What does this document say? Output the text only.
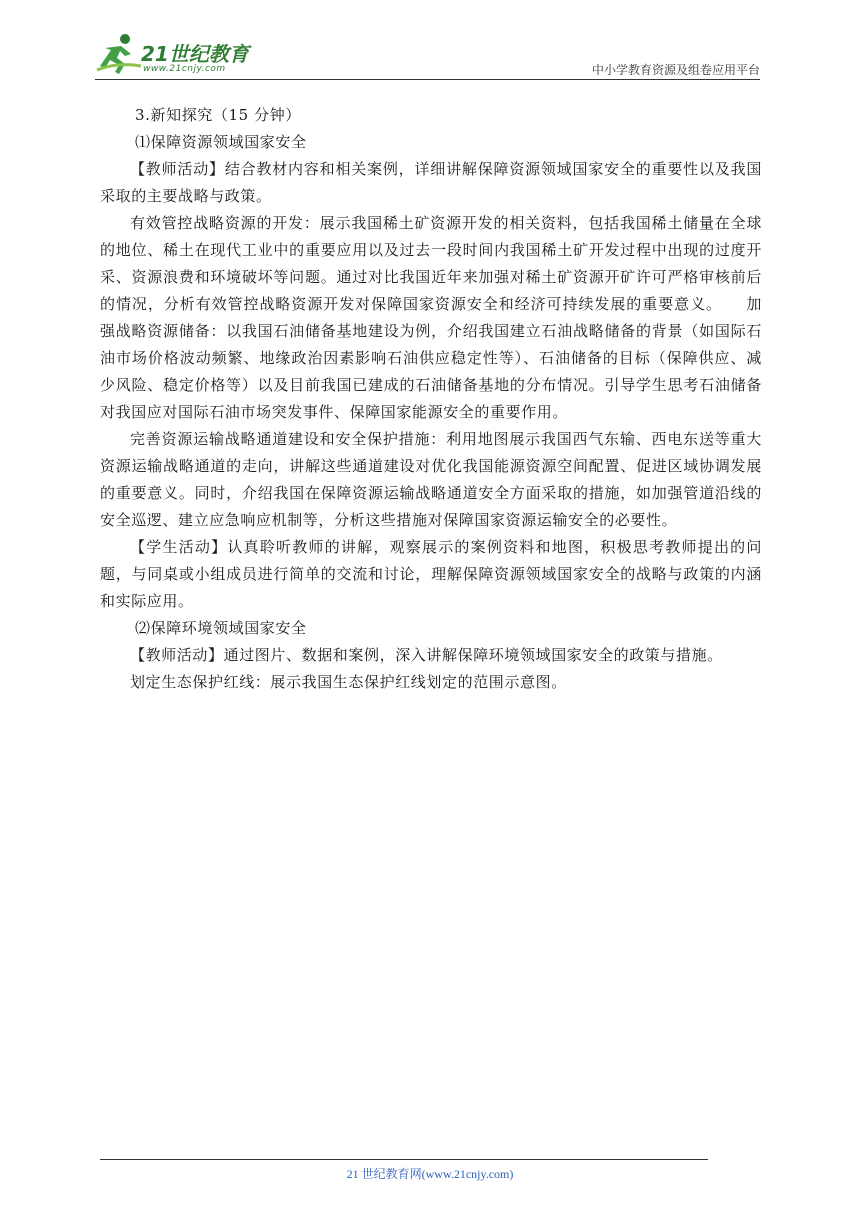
21世纪教育
www.21cnjy.com	中小学教育资源及组卷应用平台

3.新知探究（15 分钟）

⑴保障资源领域国家安全

【教师活动】结合教材内容和相关案例，详细讲解保障资源领域国家安全的重要性以及我国采取的主要战略与政策。

有效管控战略资源的开发：展示我国稀土矿资源开发的相关资料，包括我国稀土储量在全球的地位、稀土在现代工业中的重要应用以及过去一段时间内我国稀土矿开发过程中出现的过度开采、资源浪费和环境破坏等问题。通过对比我国近年来加强对稀土矿资源开矿许可严格审核前后的情况，分析有效管控战略资源开发对保障国家资源安全和经济可持续发展的重要意义。　　加强战略资源储备：以我国石油储备基地建设为例，介绍我国建立石油战略储备的背景（如国际石油市场价格波动频繁、地缘政治因素影响石油供应稳定性等）、石油储备的目标（保障供应、减少风险、稳定价格等）以及目前我国已建成的石油储备基地的分布情况。引导学生思考石油储备对我国应对国际石油市场突发事件、保障国家能源安全的重要作用。

完善资源运输战略通道建设和安全保护措施：利用地图展示我国西气东输、西电东送等重大资源运输战略通道的走向，讲解这些通道建设对优化我国能源资源空间配置、促进区域协调发展的重要意义。同时，介绍我国在保障资源运输战略通道安全方面采取的措施，如加强管道沿线的安全巡逻、建立应急响应机制等，分析这些措施对保障国家资源运输安全的必要性。

【学生活动】认真聆听教师的讲解，观察展示的案例资料和地图，积极思考教师提出的问题，与同桌或小组成员进行简单的交流和讨论，理解保障资源领域国家安全的战略与政策的内涵和实际应用。

⑵保障环境领域国家安全

【教师活动】通过图片、数据和案例，深入讲解保障环境领域国家安全的政策与措施。

划定生态保护红线：展示我国生态保护红线划定的范围示意图。

21 世纪教育网(www.21cnjy.com)
